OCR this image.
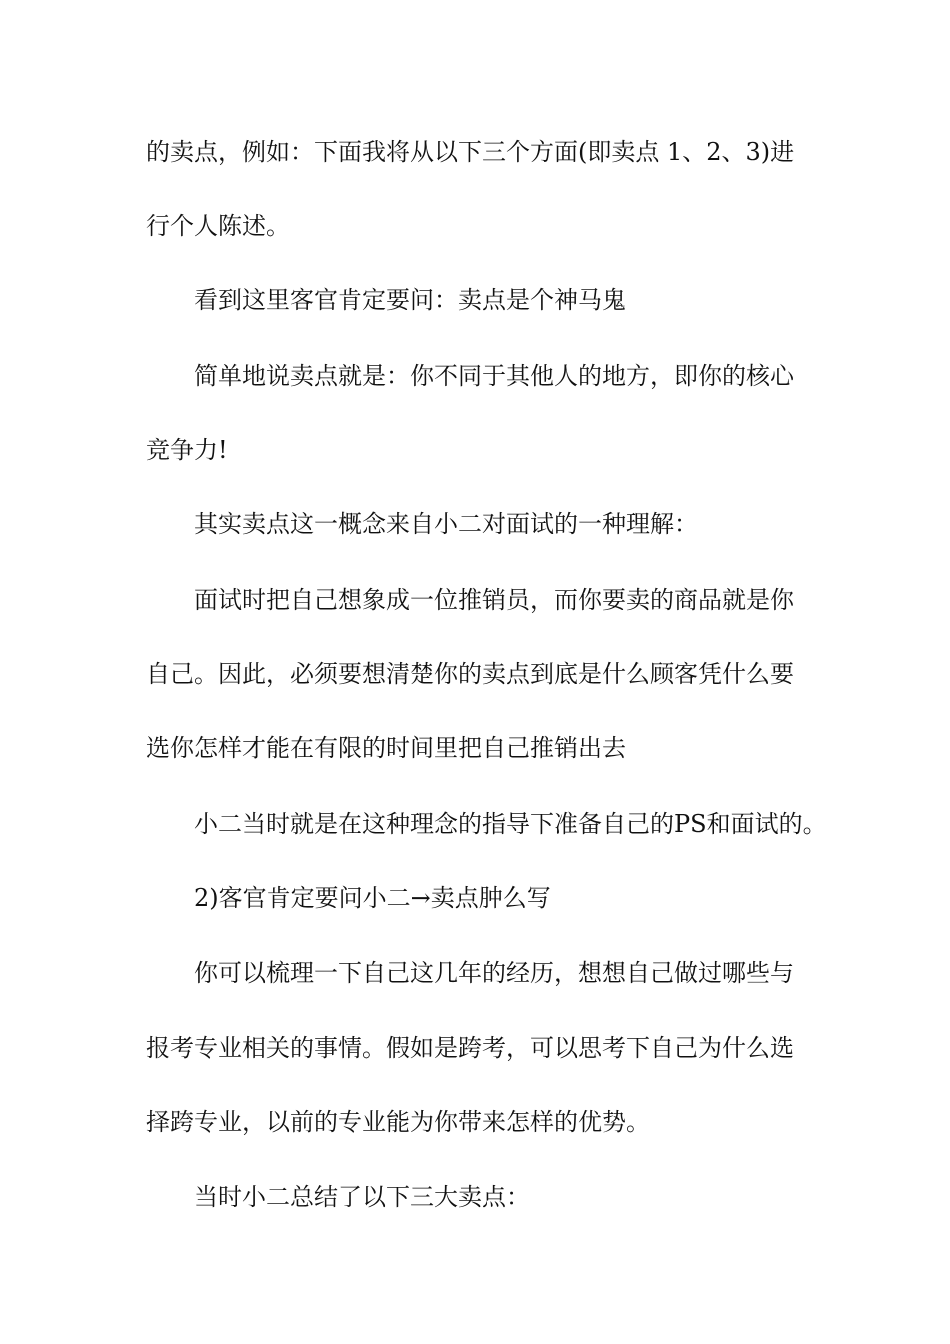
的卖点，例如：下面我将从以下三个方面(即卖点 1、2、3)进
行个人陈述。
看到这里客官肯定要问：卖点是个神马鬼
简单地说卖点就是：你不同于其他人的地方，即你的核心
竞争力!
其实卖点这一概念来自小二对面试的一种理解：
面试时把自己想象成一位推销员，而你要卖的商品就是你
自己。因此，必须要想清楚你的卖点到底是什么顾客凭什么要
选你怎样才能在有限的时间里把自己推销出去
小二当时就是在这种理念的指导下准备自己的PS和面试的。
2)客官肯定要问小二→卖点肿么写
你可以梳理一下自己这几年的经历，想想自己做过哪些与
报考专业相关的事情。假如是跨考，可以思考下自己为什么选
择跨专业，以前的专业能为你带来怎样的优势。
当时小二总结了以下三大卖点：
